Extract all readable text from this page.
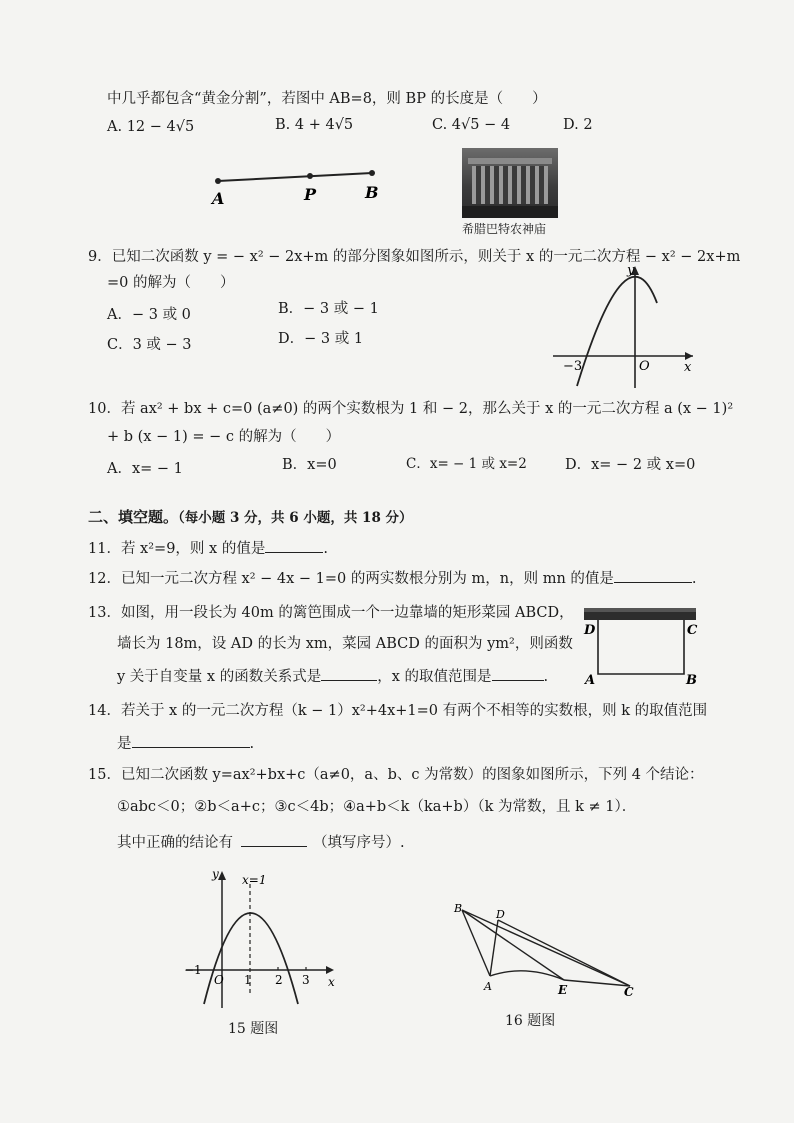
中几乎都包含“黄金分割”，若图中 AB=8，则 BP 的长度是（　　）
A. 12 − 4√5	B. 4 + 4√5	C. 4√5 − 4	D. 2
A	P	B
希腊巴特农神庙
9．已知二次函数 y = − x² − 2x+m 的部分图象如图所示，则关于 x 的一元二次方程 − x² − 2x+m
=0 的解为（　　）
A．− 3 或 0	B．− 3 或 − 1
C．3 或 − 3	D．− 3 或 1
y
O	x
−3
10．若 ax² + bx + c=0 (a≠0) 的两个实数根为 1 和 − 2，那么关于 x 的一元二次方程 a (x − 1)²
+ b (x − 1) = − c 的解为（　　）
A．x= − 1	B．x=0	C．x= − 1 或 x=2	D．x= − 2 或 x=0
二、填空题。（每小题 3 分，共 6 小题，共 18 分）
11．若 x²=9，则 x 的值是	.
12．已知一元二次方程 x² − 4x − 1=0 的两实数根分别为 m，n，则 mn 的值是	.
13．如图，用一段长为 40m 的篱笆围成一个一边靠墙的矩形菜园 ABCD，
墙长为 18m，设 AD 的长为 xm，菜园 ABCD 的面积为 ym²，则函数
y 关于自变量 x 的函数关系式是	，x 的取值范围是	.
D	C
A	B
14．若关于 x 的一元二次方程（k − 1）x²+4x+1=0 有两个不相等的实数根，则 k 的取值范围
是	.
15．已知二次函数 y=ax²+bx+c（a≠0，a、b、c 为常数）的图象如图所示，下列 4 个结论：
①abc＜0；②b＜a+c；③c＜4b；④a+b＜k（ka+b）（k 为常数，且 k ≠ 1）．
其中正确的结论有	（填写序号）.
y x=1
x
−1
O 1 2 3
15 题图
B	D
A	E	C
16 题图
